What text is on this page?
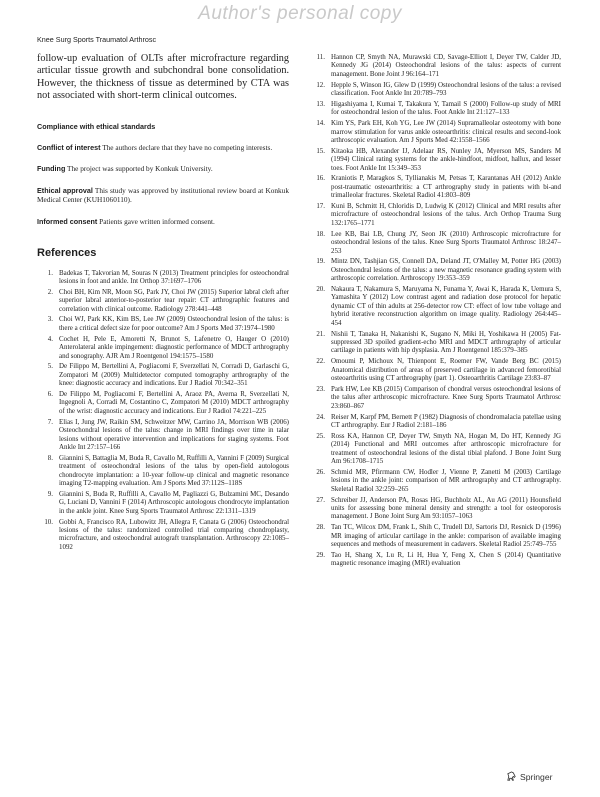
Author's personal copy
Knee Surg Sports Traumatol Arthrosc

follow-up evaluation of OLTs after microfracture regarding articular tissue growth and subchondral bone consolidation. However, the thickness of tissue as determined by CTA was not associated with short-term clinical outcomes.

Compliance with ethical standards

Conflict of interest The authors declare that they have no competing interests.

Funding The project was supported by Konkuk University.

Ethical approval This study was approved by institutional review board at Konkuk Medical Center (KUH1060110).

Informed consent Patients gave written informed consent.

References
1. Badekas T, Takvorian M, Souras N (2013) Treatment principles for osteochondral lesions in foot and ankle. Int Orthop 37:1697–1706
2. Choi BH, Kim NR, Moon SG, Park JY, Choi JW (2015) Superior labral cleft after superior labral anterior-to-posterior tear repair: CT arthrographic features and correlation with clinical outcome. Radiology 278:441–448
3. Choi WJ, Park KK, Kim BS, Lee JW (2009) Osteochondral lesion of the talus: is there a critical defect size for poor outcome? Am J Sports Med 37:1974–1980
4. Cochet H, Pele E, Amoretti N, Brunot S, Lafenetre O, Hauger O (2010) Anterolateral ankle impingement: diagnostic performance of MDCT arthrography and sonography. AJR Am J Roentgenol 194:1575–1580
5. De Filippo M, Bertellini A, Pogliacomi F, Sverzellati N, Corradi D, Garlaschi G, Zompatori M (2009) Multidetector computed tomography arthrography of the knee: diagnostic accuracy and indications. Eur J Radiol 70:342–351
6. De Filippo M, Pogliacomi F, Bertellini A, Araoz PA, Averna R, Sverzellati N, Ingegnoli A, Corradi M, Costantino C, Zompatori M (2010) MDCT arthrography of the wrist: diagnostic accuracy and indications. Eur J Radiol 74:221–225
7. Elias I, Jung JW, Raikin SM, Schweitzer MW, Carrino JA, Morrison WB (2006) Osteochondral lesions of the talus: change in MRI findings over time in talar lesions without operative intervention and implications for staging systems. Foot Ankle Int 27:157–166
8. Giannini S, Battaglia M, Buda R, Cavallo M, Ruffilli A, Vannini F (2009) Surgical treatment of osteochondral lesions of the talus by open-field autologous chondrocyte implantation: a 10-year follow-up clinical and magnetic resonance imaging T2-mapping evaluation. Am J Sports Med 37:112S–118S
9. Giannini S, Buda R, Ruffilli A, Cavallo M, Pagliazzi G, Bulzamini MC, Desando G, Luciani D, Vannini F (2014) Arthroscopic autologous chondrocyte implantation in the ankle joint. Knee Surg Sports Traumatol Arthrosc 22:1311–1319
10. Gobbi A, Francisco RA, Lubowitz JH, Allegra F, Canata G (2006) Osteochondral lesions of the talus: randomized controlled trial comparing chondroplasty, microfracture, and osteochondral autograft transplantation. Arthroscopy 22:1085–1092
11. Hannon CP, Smyth NA, Murawski CD, Savage-Elliott I, Deyer TW, Calder JD, Kennedy JG (2014) Osteochondral lesions of the talus: aspects of current management. Bone Joint J 96:164–171
12. Hepple S, Winson IG, Glew D (1999) Osteochondral lesions of the talus: a revised classification. Foot Ankle Int 20:789–793
13. Higashiyama I, Kumai T, Takakura Y, Tamail S (2000) Follow-up study of MRI for osteochondral lesion of the talus. Foot Ankle Int 21:127–133
14. Kim YS, Park EH, Koh YG, Lee JW (2014) Supramalleolar osteotomy with bone marrow stimulation for varus ankle osteoarthritis: clinical results and second-look arthroscopic evaluation. Am J Sports Med 42:1558–1566
15. Kitaoka HB, Alexander IJ, Adelaar RS, Nunley JA, Myerson MS, Sanders M (1994) Clinical rating systems for the ankle-hindfoot, midfoot, hallux, and lesser toes. Foot Ankle Int 15:349–353
16. Kraniotis P, Maragkos S, Tyllianakis M, Petsas T, Karantanas AH (2012) Ankle post-traumatic osteoarthritis: a CT arthrography study in patients with bi-and trimalleolar fractures. Skeletal Radiol 41:803–809
17. Kuni B, Schmitt H, Chloridis D, Ludwig K (2012) Clinical and MRI results after microfracture of osteochondral lesions of the talus. Arch Orthop Trauma Surg 132:1765–1771
18. Lee KB, Bai LB, Chung JY, Seon JK (2010) Arthroscopic microfracture for osteochondral lesions of the talus. Knee Surg Sports Traumatol Arthrosc 18:247–253
19. Mintz DN, Tashjian GS, Connell DA, Deland JT, O'Malley M, Potter HG (2003) Osteochondral lesions of the talus: a new magnetic resonance grading system with arthroscopic correlation. Arthroscopy 19:353–359
20. Nakaura T, Nakamura S, Maruyama N, Funama Y, Awai K, Harada K, Uemura S, Yamashita Y (2012) Low contrast agent and radiation dose protocol for hepatic dynamic CT of thin adults at 256-detector row CT: effect of low tube voltage and hybrid iterative reconstruction algorithm on image quality. Radiology 264:445–454
21. Nishii T, Tanaka H, Nakanishi K, Sugano N, Miki H, Yoshikawa H (2005) Fat-suppressed 3D spoiled gradient-echo MRI and MDCT arthrography of articular cartilage in patients with hip dysplasia. Am J Roentgenol 185:379–385
22. Omoumi P, Michoux N, Thienpont E, Roemer FW, Vande Berg BC (2015) Anatomical distribution of areas of preserved cartilage in advanced femorotibial osteoarthritis using CT arthrography (part 1). Osteoarthritis Cartilage 23:83–87
23. Park HW, Lee KB (2015) Comparison of chondral versus osteochondral lesions of the talus after arthroscopic microfracture. Knee Surg Sports Traumatol Arthrosc 23:860–867
24. Reiser M, Karpf PM, Bernett P (1982) Diagnosis of chondromalacia patellae using CT arthrography. Eur J Radiol 2:181–186
25. Ross KA, Hannon CP, Deyer TW, Smyth NA, Hogan M, Do HT, Kennedy JG (2014) Functional and MRI outcomes after arthroscopic microfracture for treatment of osteochondral lesions of the distal tibial plafond. J Bone Joint Surg Am 96:1708–1715
26. Schmid MR, Pfirrmann CW, Hodler J, Vienne P, Zanetti M (2003) Cartilage lesions in the ankle joint: comparison of MR arthrography and CT arthrography. Skeletal Radiol 32:259–265
27. Schreiber JJ, Anderson PA, Rosas HG, Buchholz AL, Au AG (2011) Hounsfield units for assessing bone mineral density and strength: a tool for osteoporosis management. J Bone Joint Surg Am 93:1057–1063
28. Tan TC, Wilcox DM, Frank L, Shih C, Trudell DJ, Sartoris DJ, Resnick D (1996) MR imaging of articular cartilage in the ankle: comparison of available imaging sequences and methods of measurement in cadavers. Skeletal Radiol 25:749–755
29. Tao H, Shang X, Lu R, Li H, Hua Y, Feng X, Chen S (2014) Quantitative magnetic resonance imaging (MRI) evaluation
Springer
